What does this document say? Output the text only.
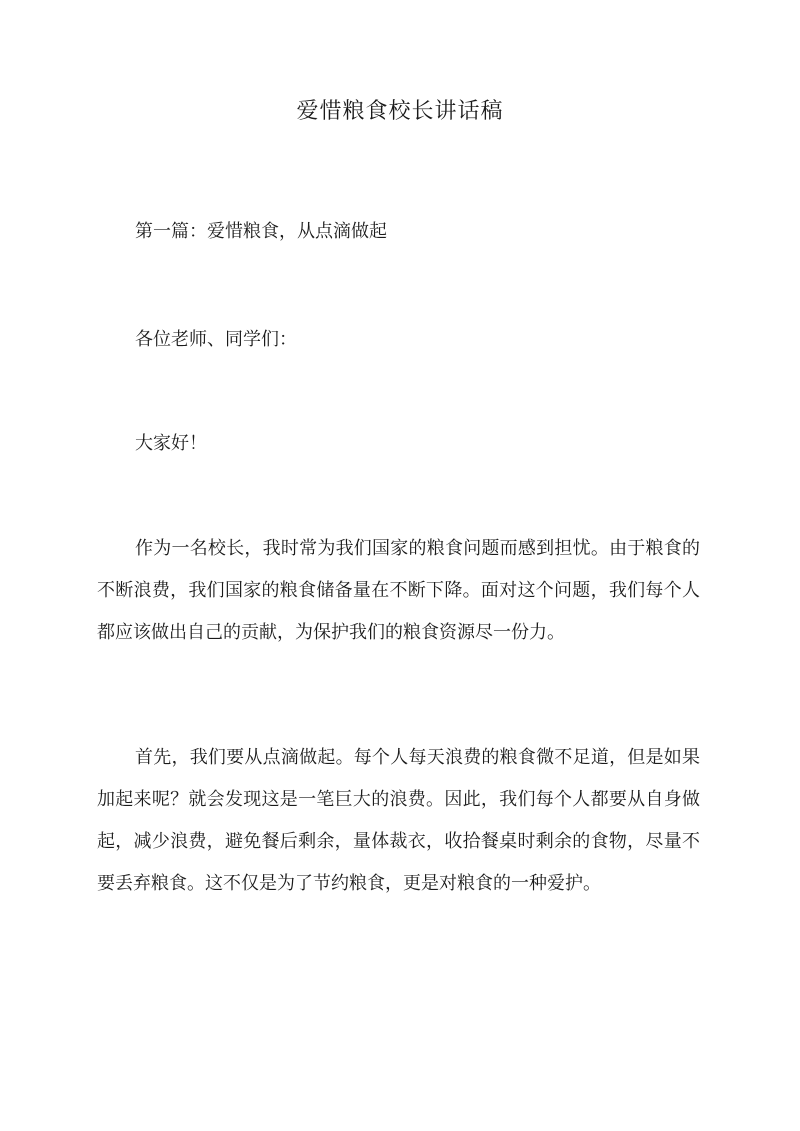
爱惜粮食校长讲话稿

第一篇：爱惜粮食，从点滴做起

各位老师、同学们：

大家好！

作为一名校长，我时常为我们国家的粮食问题而感到担忧。由于粮食的不断浪费，我们国家的粮食储备量在不断下降。面对这个问题，我们每个人都应该做出自己的贡献，为保护我们的粮食资源尽一份力。

首先，我们要从点滴做起。每个人每天浪费的粮食微不足道，但是如果加起来呢？就会发现这是一笔巨大的浪费。因此，我们每个人都要从自身做起，减少浪费，避免餐后剩余，量体裁衣，收拾餐桌时剩余的食物，尽量不要丢弃粮食。这不仅是为了节约粮食，更是对粮食的一种爱护。
